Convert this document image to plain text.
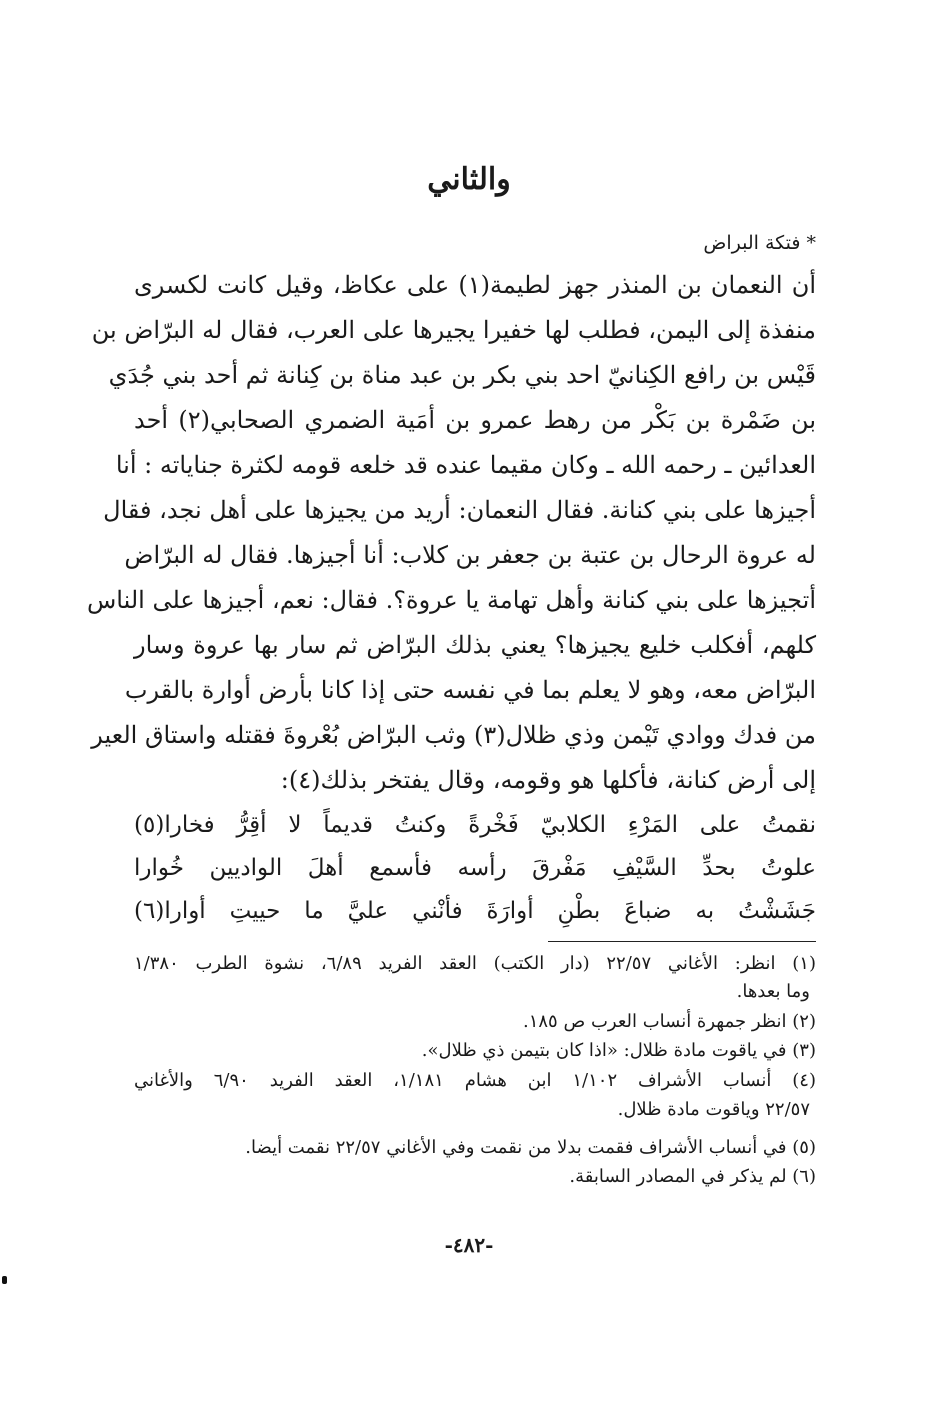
والثاني
* فتكة البراض
أن النعمان بن المنذر جهز لطيمة(١) على عكاظ، وقيل كانت لكسرى
منفذة إلى اليمن، فطلب لها خفيرا يجيرها على العرب، فقال له البرّاض بن
قَيْس بن رافع الكِنانيّ احد بني بكر بن عبد مناة بن كِنانة ثم أحد بني جُدَي
بن ضَمْرة بن بَكْر من رهط عمرو بن أمَية الضمري الصحابي(٢) أحد
العدائين ـ رحمه الله ـ وكان مقيما عنده قد خلعه قومه لكثرة جناياته : أنا
أجيزها على بني كنانة. فقال النعمان: أريد من يجيزها على أهل نجد، فقال
له عروة الرحال بن عتبة بن جعفر بن كلاب: أنا أجيزها. فقال له البرّاض
أتجيزها على بني كنانة وأهل تهامة يا عروة؟. فقال: نعم، أجيزها على الناس
كلهم، أفكلب خليع يجيزها؟ يعني بذلك البرّاض ثم سار بها عروة وسار
البرّاض معه، وهو لا يعلم بما في نفسه حتى إذا كانا بأرض أوارة بالقرب
من فدك ووادي تَيْمن وذي ظلال(٣) وثب البرّاض بُعْروةَ فقتله واستاق العير
إلى أرض كنانة، فأكلها هو وقومه، وقال يفتخر بذلك(٤):
نقمتُ على المَرْءِ الكلابيّ فَخْرةً وكنتُ قديماً لا أقِرُّ فخارا(٥)
علوتُ بحدِّ السَّيْفِ مَفْرقَ رأسه فأسمع أهلَ الواديين خُوارا
جَشَشْتُ به ضباعَ بطْنِ أوارَةَ فأنْني عليَّ ما حييتِ أوارا(٦)
(١) انظر: الأغاني ٢٢/٥٧ (دار الكتب) العقد الفريد ٦/٨٩، نشوة الطرب ١/٣٨٠
وما بعدها.
(٢) انظر جمهرة أنساب العرب ص ١٨٥.
(٣) في ياقوت مادة ظلال: «اذا كان بتيمن ذي ظلال».
(٤) أنساب الأشراف ١/١٠٢ ابن هشام ١/١٨١، العقد الفريد ٦/٩٠ والأغاني
٢٢/٥٧ وياقوت مادة ظلال.
(٥) في أنساب الأشراف فقمت بدلا من نقمت وفي الأغاني ٢٢/٥٧ نقمت أيضا.
(٦) لم يذكر في المصادر السابقة.
-٤٨٢-
